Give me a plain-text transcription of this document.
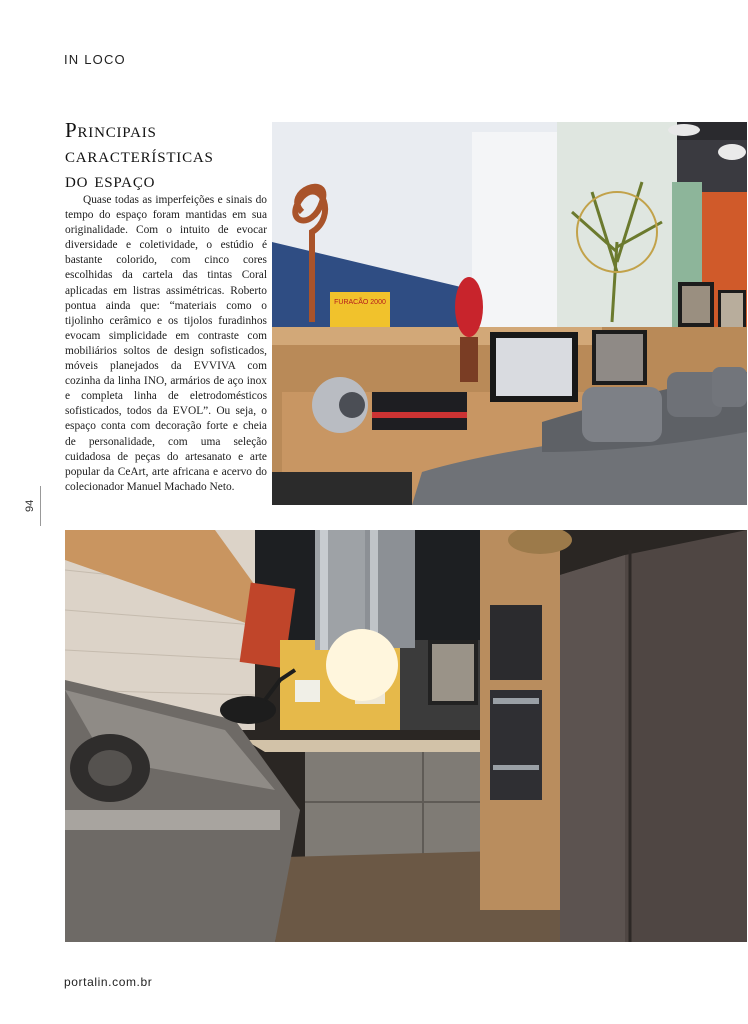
IN LOCO
Principais
características
do espaço

Quase todas as imperfeições e sinais do tempo do espaço foram mantidas em sua originalidade. Com o intuito de evocar diversidade e coletividade, o estúdio é bastante colorido, com cinco cores escolhidas da cartela das tintas Coral aplicadas em listras assimétricas. Roberto pontua ainda que: “materiais como o tijolinho cerâmico e os tijolos furadinhos evocam simplicidade em contraste com mobiliários soltos de design sofisticados, móveis planejados da EVVIVA com cozinha da linha INO, armários de aço inox e completa linha de eletrodomésticos sofisticados, todos da EVOL”. Ou seja, o espaço conta com decoração forte e cheia de personalidade, com uma seleção cuidadosa de peças do artesanato e arte popular da CeArt, arte africana e acervo do colecionador Manuel Machado Neto.

94
FURACÃO 2000
portalin.com.br
